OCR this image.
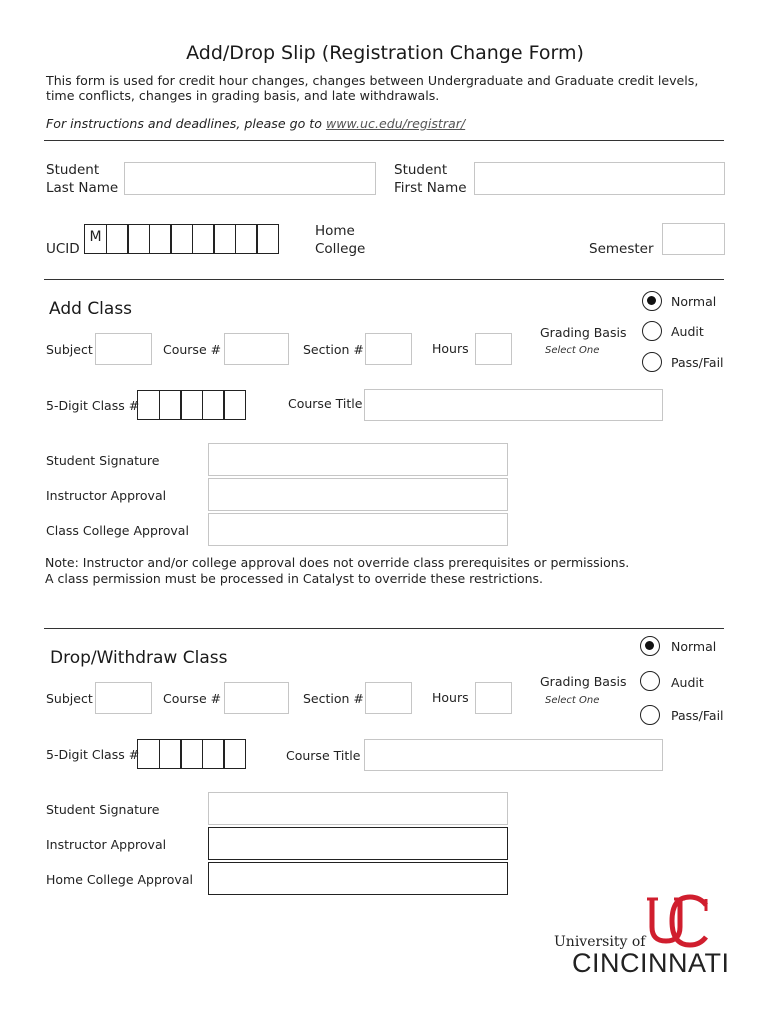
Add/Drop Slip (Registration Change Form)
This form is used for credit hour changes, changes between Undergraduate and Graduate credit levels,
time conflicts, changes in grading basis, and late withdrawals.
For instructions and deadlines, please go to www.uc.edu/registrar/
Student
Last Name
Student
First Name
UCID
M	Home
College	Semester
Add Class
Subject	Course #	Section #	Hours
Grading Basis
Select One
Normal
Audit
Pass/Fail
5-Digit Class #	Course Title
Student Signature
Instructor Approval
Class College Approval
Note: Instructor and/or college approval does not override class prerequisites or permissions.
A class permission must be processed in Catalyst to override these restrictions.
Drop/Withdraw Class
Subject	Course #	Section #	Hours
Grading Basis
Select One
Normal
Audit
Pass/Fail
5-Digit Class #	Course Title
Student Signature
Instructor Approval
Home College Approval
University of
CINCINNATI
